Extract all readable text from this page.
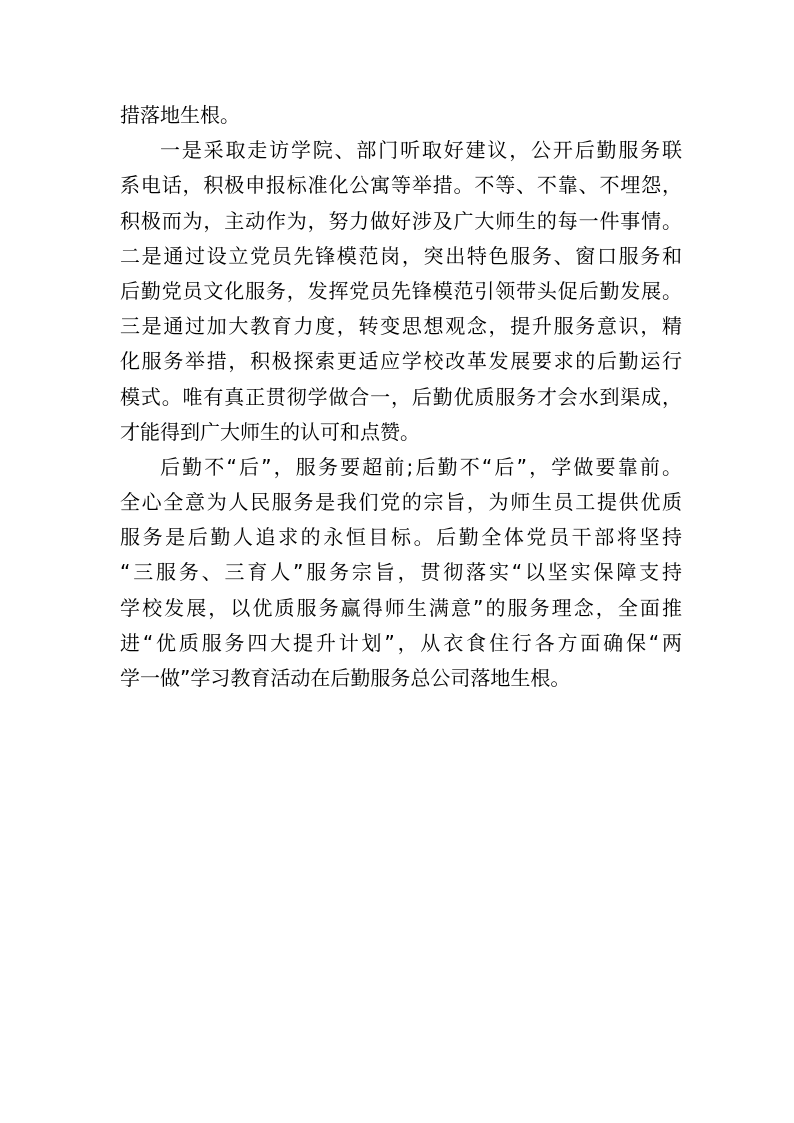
措落地生根。
一是采取走访学院、部门听取好建议，公开后勤服务联
系电话，积极申报标准化公寓等举措。不等、不靠、不埋怨，
积极而为，主动作为，努力做好涉及广大师生的每一件事情。
二是通过设立党员先锋模范岗，突出特色服务、窗口服务和
后勤党员文化服务，发挥党员先锋模范引领带头促后勤发展。
三是通过加大教育力度，转变思想观念，提升服务意识，精
化服务举措，积极探索更适应学校改革发展要求的后勤运行
模式。唯有真正贯彻学做合一，后勤优质服务才会水到渠成，
才能得到广大师生的认可和点赞。
后勤不“后”，服务要超前;后勤不“后”，学做要靠前。
全心全意为人民服务是我们党的宗旨，为师生员工提供优质
服务是后勤人追求的永恒目标。后勤全体党员干部将坚持
“三服务、三育人”服务宗旨，贯彻落实“以坚实保障支持
学校发展，以优质服务赢得师生满意”的服务理念，全面推
进“优质服务四大提升计划”，从衣食住行各方面确保“两
学一做”学习教育活动在后勤服务总公司落地生根。
